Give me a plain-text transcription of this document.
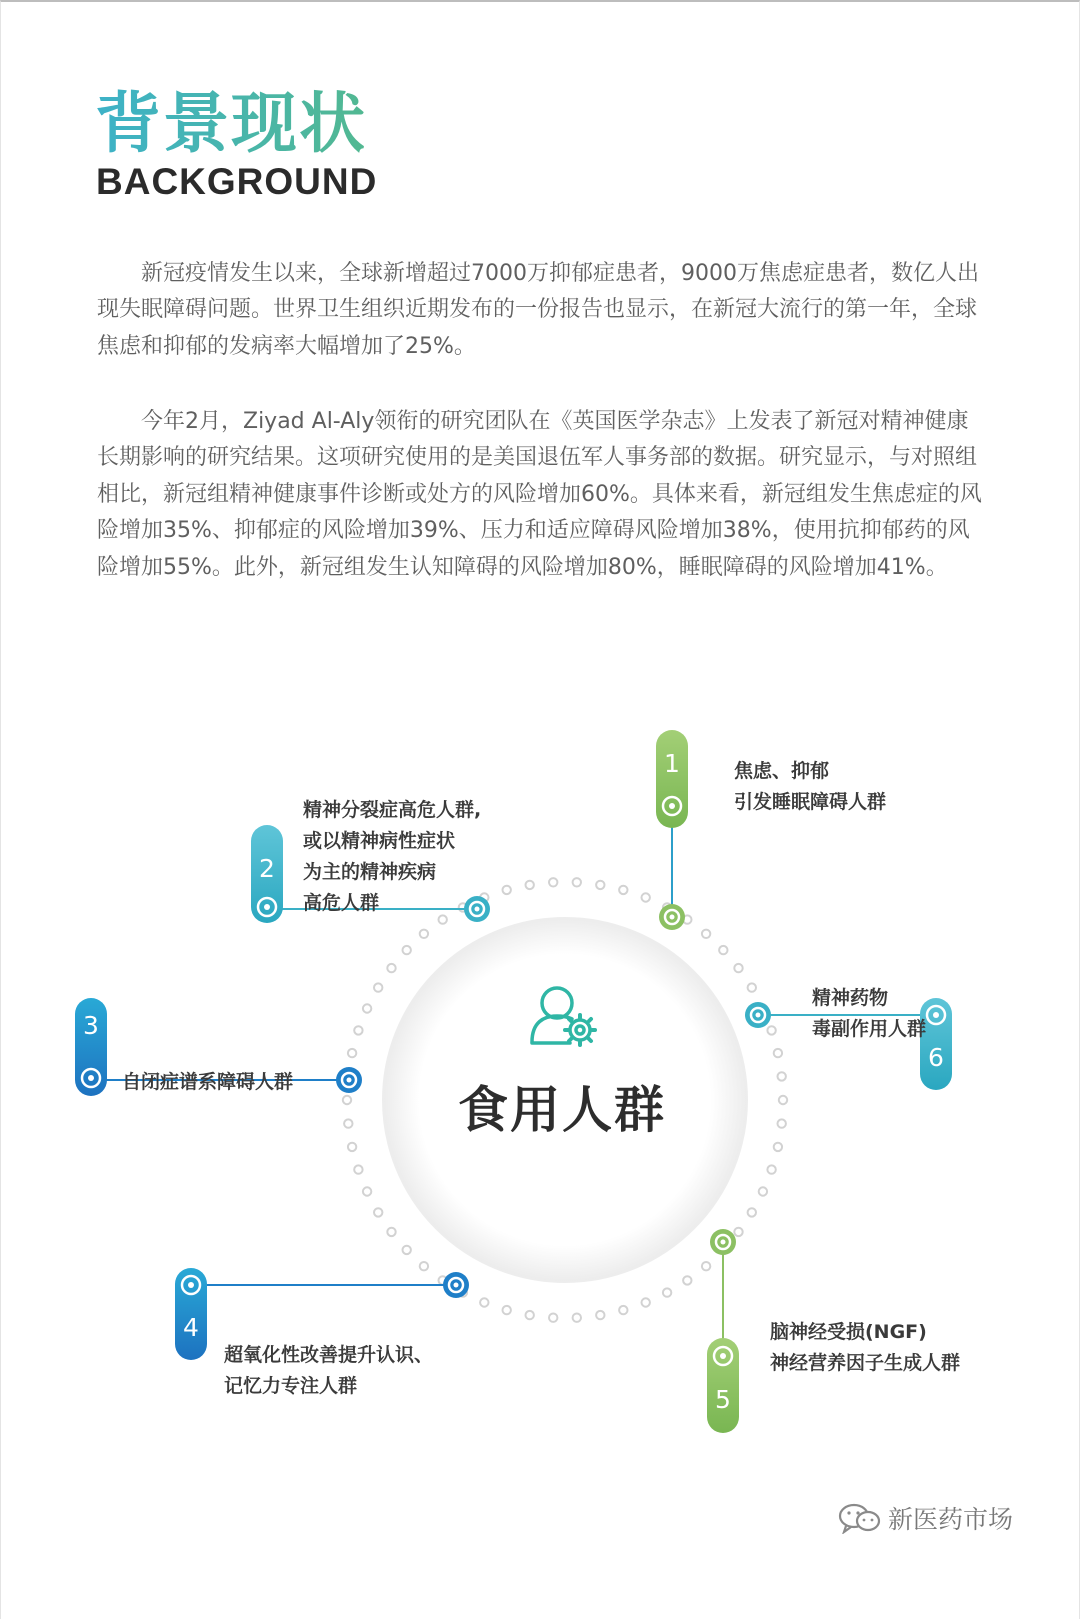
背景现状
BACKGROUND

新冠疫情发生以来，全球新增超过7000万抑郁症患者，9000万焦虑症患者，数亿人出现失眠障碍问题。世界卫生组织近期发布的一份报告也显示，在新冠大流行的第一年，全球焦虑和抑郁的发病率大幅增加了25%。

今年2月，Ziyad Al-Aly领衔的研究团队在《英国医学杂志》上发表了新冠对精神健康长期影响的研究结果。这项研究使用的是美国退伍军人事务部的数据。研究显示，与对照组相比，新冠组精神健康事件诊断或处方的风险增加60%。具体来看，新冠组发生焦虑症的风险增加35%、抑郁症的风险增加39%、压力和适应障碍风险增加38%，使用抗抑郁药的风险增加55%。此外，新冠组发生认知障碍的风险增加80%，睡眠障碍的风险增加41%。

1
2
3
4
5
6
食用人群
焦虑、抑郁
引发睡眠障碍人群
精神分裂症高危人群,
或以精神病性症状
为主的精神疾病
高危人群
自闭症谱系障碍人群
超氧化性改善提升认识、
记忆力专注人群
脑神经受损(NGF)
神经营养因子生成人群
精神药物
毒副作用人群
新医药市场
